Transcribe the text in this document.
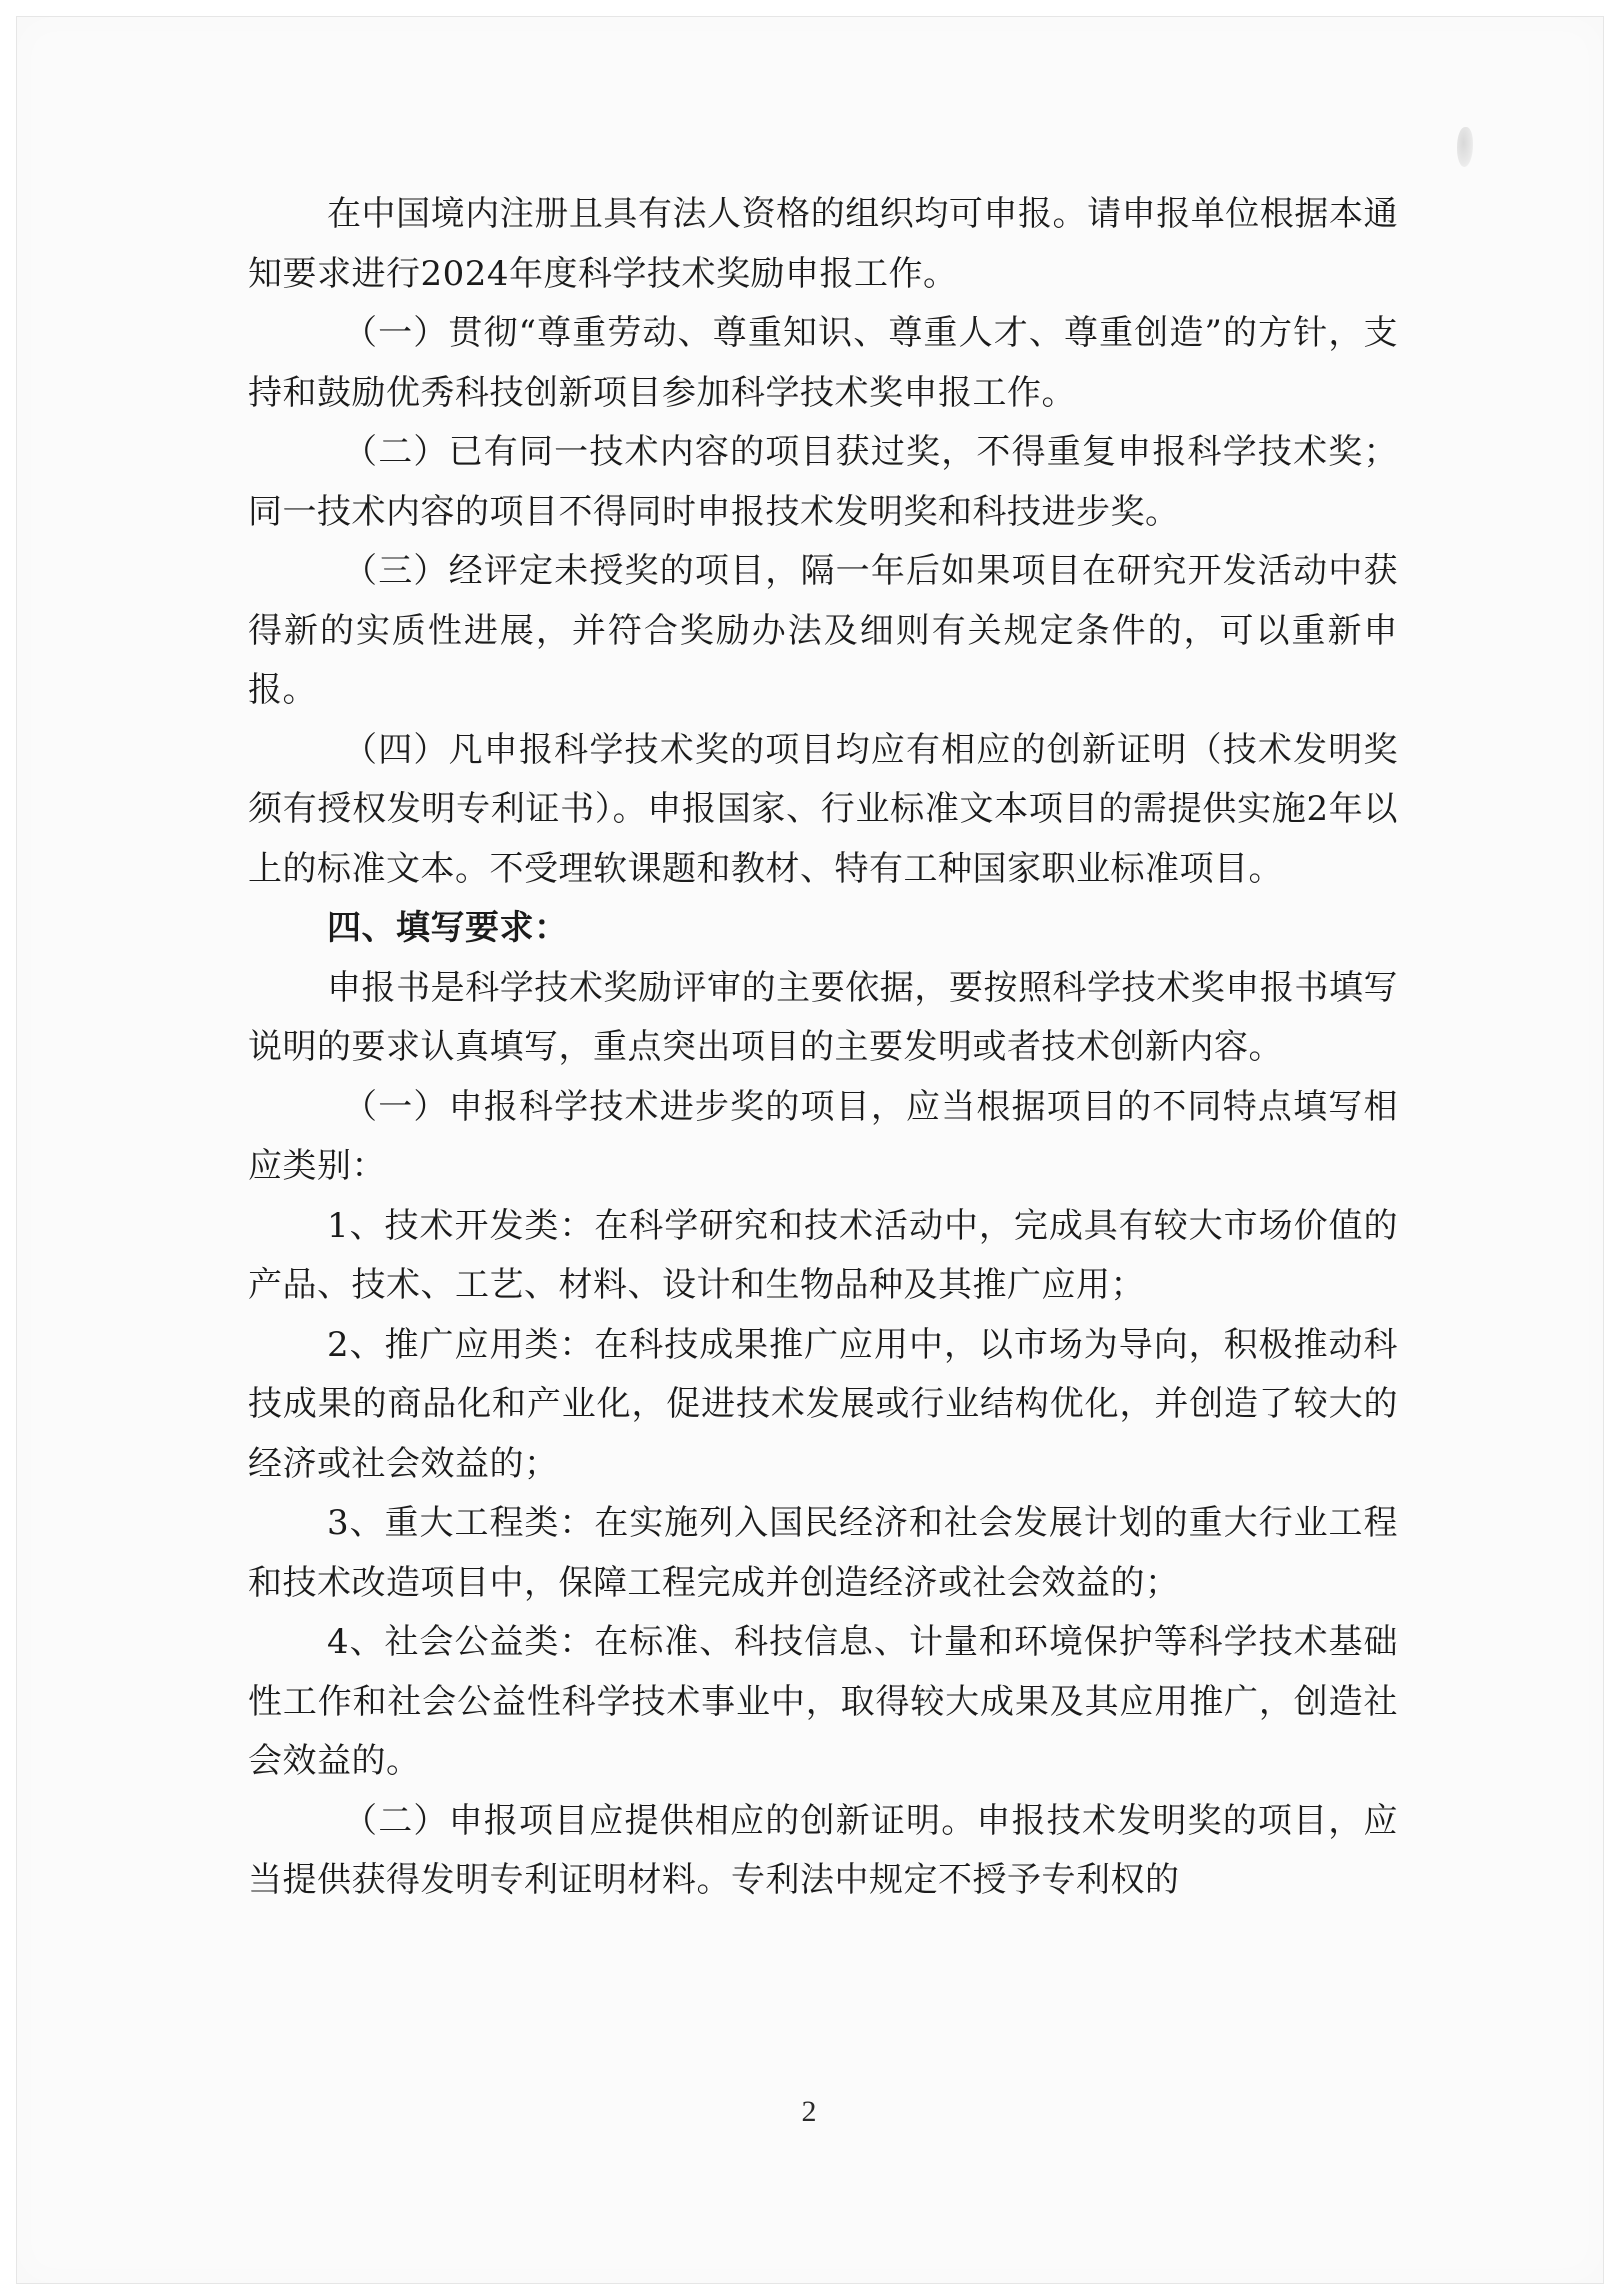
在中国境内注册且具有法人资格的组织均可申报。请申报单位根据本通知要求进行2024年度科学技术奖励申报工作。

（一）贯彻“尊重劳动、尊重知识、尊重人才、尊重创造”的方针，支持和鼓励优秀科技创新项目参加科学技术奖申报工作。

（二）已有同一技术内容的项目获过奖，不得重复申报科学技术奖；同一技术内容的项目不得同时申报技术发明奖和科技进步奖。

（三）经评定未授奖的项目，隔一年后如果项目在研究开发活动中获得新的实质性进展，并符合奖励办法及细则有关规定条件的，可以重新申报。

（四）凡申报科学技术奖的项目均应有相应的创新证明（技术发明奖须有授权发明专利证书）。申报国家、行业标准文本项目的需提供实施2年以上的标准文本。不受理软课题和教材、特有工种国家职业标准项目。

四、填写要求：

申报书是科学技术奖励评审的主要依据，要按照科学技术奖申报书填写说明的要求认真填写，重点突出项目的主要发明或者技术创新内容。

（一）申报科学技术进步奖的项目，应当根据项目的不同特点填写相应类别：

1、技术开发类：在科学研究和技术活动中，完成具有较大市场价值的产品、技术、工艺、材料、设计和生物品种及其推广应用；

2、推广应用类：在科技成果推广应用中，以市场为导向，积极推动科技成果的商品化和产业化，促进技术发展或行业结构优化，并创造了较大的经济或社会效益的；

3、重大工程类：在实施列入国民经济和社会发展计划的重大行业工程和技术改造项目中，保障工程完成并创造经济或社会效益的；

4、社会公益类：在标准、科技信息、计量和环境保护等科学技术基础性工作和社会公益性科学技术事业中，取得较大成果及其应用推广，创造社会效益的。

（二）申报项目应提供相应的创新证明。申报技术发明奖的项目，应当提供获得发明专利证明材料。专利法中规定不授予专利权的

2
